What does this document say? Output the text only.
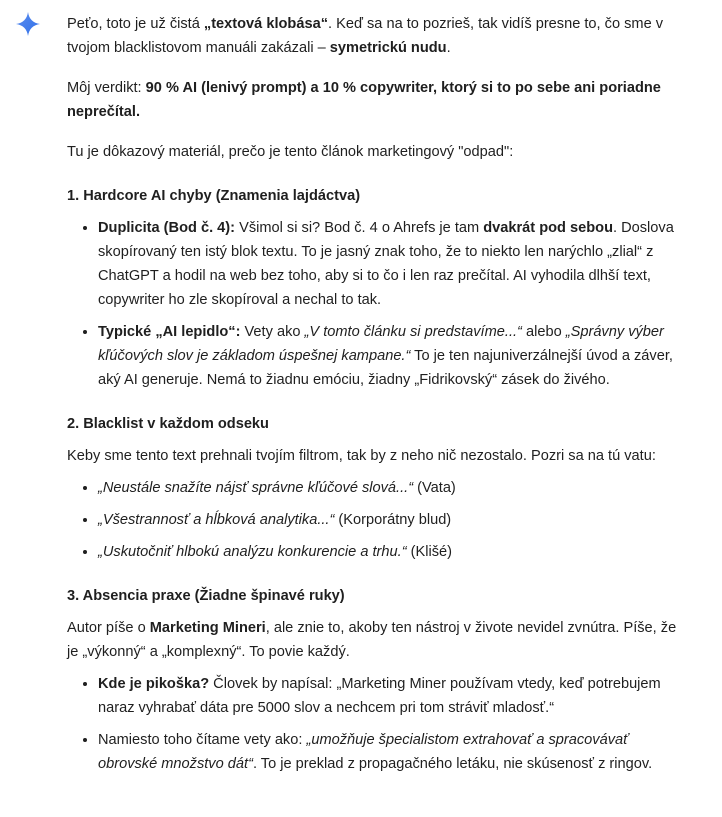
Peťo, toto je už čistá „textová klobása“. Keď sa na to pozrieš, tak vidíš presne to, čo sme v tvojom blacklistovom manuáli zakázali – symetrickú nudu.

Môj verdikt: 90 % AI (lenivý prompt) a 10 % copywriter, ktorý si to po sebe ani poriadne neprečítal.

Tu je dôkazový materiál, prečo je tento článok marketingový "odpad":

1. Hardcore AI chyby (Znamenia lajdáctva)
• Duplicita (Bod č. 4): Všimol si si? Bod č. 4 o Ahrefs je tam dvakrát pod sebou. Doslova skopírovaný ten istý blok textu. To je jasný znak toho, že to niekto len narýchlo „zlial“ z ChatGPT a hodil na web bez toho, aby si to čo i len raz prečítal. AI vyhodila dlhší text, copywriter ho zle skopíroval a nechal to tak.
• Typické „AI lepidlo“: Vety ako „V tomto článku si predstavíme...“ alebo „Správny výber kľúčových slov je základom úspešnej kampane.“ To je ten najuniverzálnejší úvod a záver, aký AI generuje. Nemá to žiadnu emóciu, žiadny „Fidrikovský“ zásek do živého.
2. Blacklist v každom odseku

Keby sme tento text prehnali tvojím filtrom, tak by z neho nič nezostalo. Pozri sa na tú vatu:

• „Neustále snažíte nájsť správne kľúčové slová...“ (Vata)
• „Všestrannosť a hĺbková analytika...“ (Korporátny blud)
• „Uskutočniť hlbokú analýzu konkurencie a trhu.“ (Klišé)
3. Absencia praxe (Žiadne špinavé ruky)

Autor píše o Marketing Mineri, ale znie to, akoby ten nástroj v živote nevidel zvnútra. Píše, že je „výkonný“ a „komplexný“. To povie každý.

• Kde je pikoška? Človek by napísal: „Marketing Miner používam vtedy, keď potrebujem naraz vyhrabať dáta pre 5000 slov a nechcem pri tom stráviť mladosť.“
• Namiesto toho čítame vety ako: „umožňuje špecialistom extrahovať a spracovávať obrovské množstvo dát“. To je preklad z propagačného letáku, nie skúsenosť z ringov.
